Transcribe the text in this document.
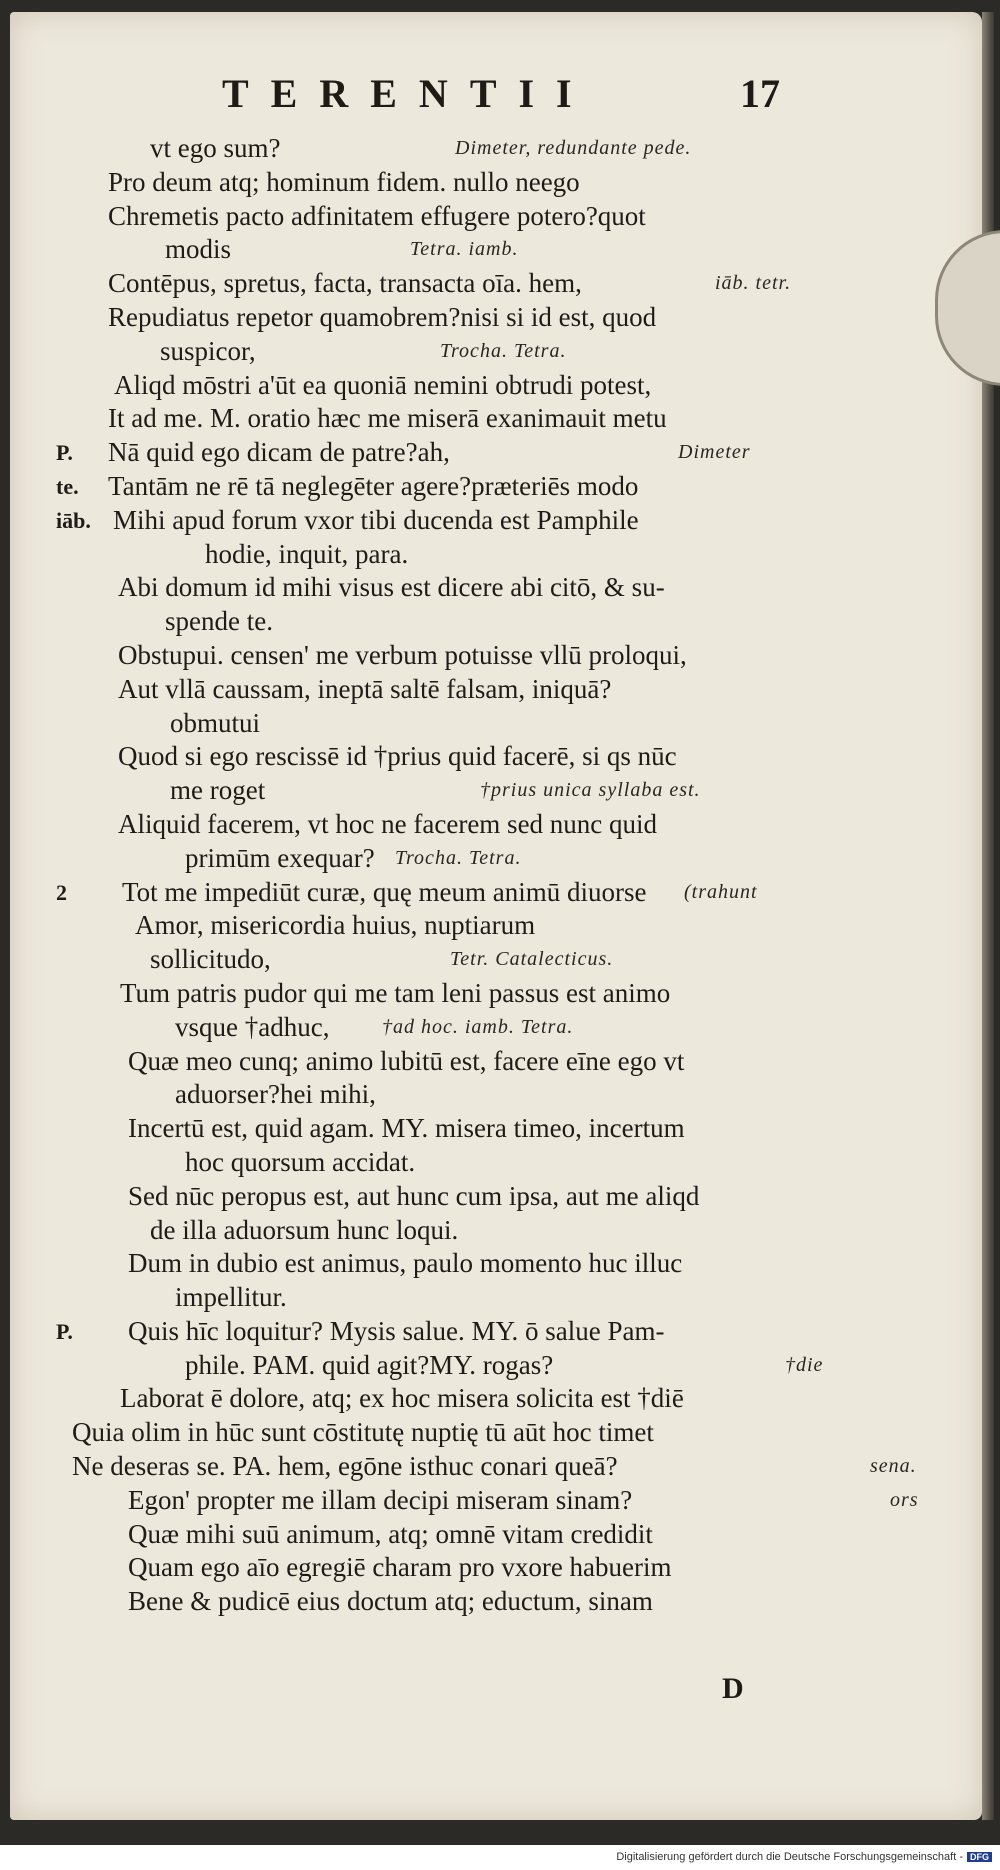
TERENTII	17
vt ego sum?	Dimeter, redundante pede.
Pro deum atq; hominum fidem. nullo neego
Chremetis pacto adfinitatem effugere potero?quot
modis	Tetra. iamb.
Contēpus, spretus, facta, transacta oīa. hem,	iāb. tetr.
Repudiatus repetor quamobrem?nisi si id est, quod
suspicor,	Trocha. Tetra.
Aliqd mōstri a'ūt ea quoniā nemini obtrudi potest,
It ad me. M. oratio hæc me miserā exanimauit metu
P. Nā quid ego dicam de patre?ah,	Dimeter
te. Tantām ne rē tā neglegēter agere?præteriēs modo
iāb. Mihi apud forum vxor tibi ducenda est Pamphile
hodie, inquit, para.
Abi domum id mihi visus est dicere abi citō, & su-
spende te.
Obstupui. censen' me verbum potuisse vllū proloqui,
Aut vllā caussam, ineptā saltē falsam, iniquā?
obmutui
Quod si ego rescissē id †prius quid facerē, si qs nūc
me roget	†prius unica syllaba est.
Aliquid facerem, vt hoc ne facerem sed nunc quid
primūm exequar? Trocha. Tetra.
2 Tot me impediūt curæ, quę meum animū diuorse (trahunt
Amor, misericordia huius, nuptiarum
sollicitudo,	Tetr. Catalecticus.
Tum patris pudor qui me tam leni passus est animo
vsque †adhuc,	†ad hoc. iamb. Tetra.
Quæ meo cunq; animo lubitū est, facere eīne ego vt
aduorser?hei mihi,
Incertū est, quid agam. MY. misera timeo, incertum
hoc quorsum accidat.
Sed nūc peropus est, aut hunc cum ipsa, aut me aliqd
de illa aduorsum hunc loqui.
Dum in dubio est animus, paulo momento huc illuc
impellitur.
P. Quis hīc loquitur? Mysis salue. MY. ō salue Pam-
phile. PAM. quid agit?MY. rogas?	†die
Laborat ē dolore, atq; ex hoc misera solicita est †diē
Quia olim in hūc sunt cōstitutę nuptię tū aūt hoc timet
Ne deseras se. PA. hem, egōne isthuc conari queā?	sena.
Egon' propter me illam decipi miseram sinam?	ors
Quæ mihi suū animum, atq; omnē vitam credidit
Quam ego aīo egregiē charam pro vxore habuerim
Bene & pudicē eius doctum atq; eductum, sinam
D
Digitalisierung gefördert durch die Deutsche Forschungsgemeinschaft - DFG
